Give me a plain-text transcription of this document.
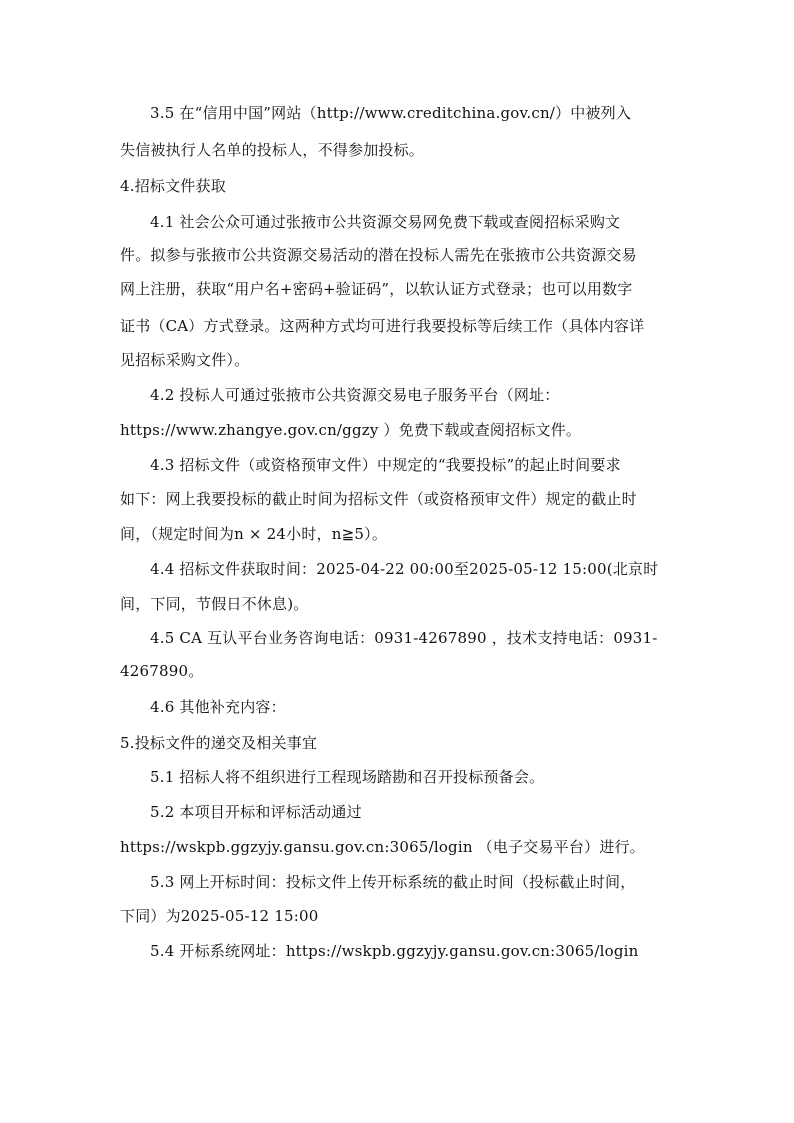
3.5 在“信用中国”网站（http://www.creditchina.gov.cn/）中被列入
失信被执行人名单的投标人，不得参加投标。
4.招标文件获取
4.1 社会公众可通过张掖市公共资源交易网免费下载或查阅招标采购文
件。拟参与张掖市公共资源交易活动的潜在投标人需先在张掖市公共资源交易
网上注册，获取“用户名+密码+验证码”，以软认证方式登录；也可以用数字
证书（CA）方式登录。这两种方式均可进行我要投标等后续工作（具体内容详
见招标采购文件）。
4.2 投标人可通过张掖市公共资源交易电子服务平台（网址：
https://www.zhangye.gov.cn/ggzy ）免费下载或查阅招标文件。
4.3 招标文件（或资格预审文件）中规定的“我要投标”的起止时间要求
如下：网上我要投标的截止时间为招标文件（或资格预审文件）规定的截止时
间，（规定时间为n × 24小时，n≧5）。
4.4 招标文件获取时间：2025-04-22 00:00至2025-05-12 15:00(北京时
间，下同，节假日不休息)。
4.5 CA 互认平台业务咨询电话：0931-4267890 ，技术支持电话：0931-
4267890。
4.6 其他补充内容：
5.投标文件的递交及相关事宜
5.1 招标人将不组织进行工程现场踏勘和召开投标预备会。
5.2 本项目开标和评标活动通过
https://wskpb.ggzyjy.gansu.gov.cn:3065/login （电子交易平台）进行。
5.3 网上开标时间：投标文件上传开标系统的截止时间（投标截止时间，
下同）为2025-05-12 15:00
5.4 开标系统网址：https://wskpb.ggzyjy.gansu.gov.cn:3065/login
